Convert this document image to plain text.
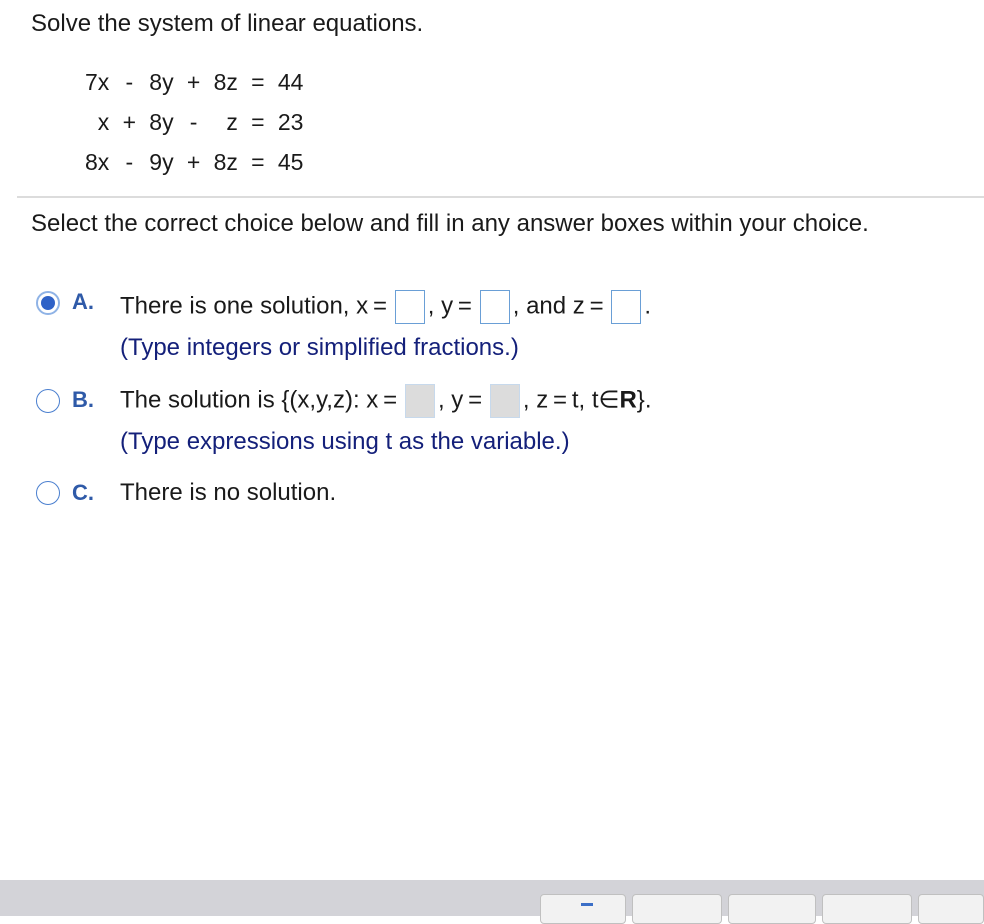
Solve the system of linear equations.
7x	-	8y	+	8z	=	44
x	+	8y	-	z	=	23
8x	-	9y	+	8z	=	45
Select the correct choice below and fill in any answer boxes within your choice.
A. There is one solution, x = , y = , and z = .
(Type integers or simplified fractions.)
B. The solution is {(x,y,z): x = , y = , z = t, t∈R}.
(Type expressions using t as the variable.)
C. There is no solution.
